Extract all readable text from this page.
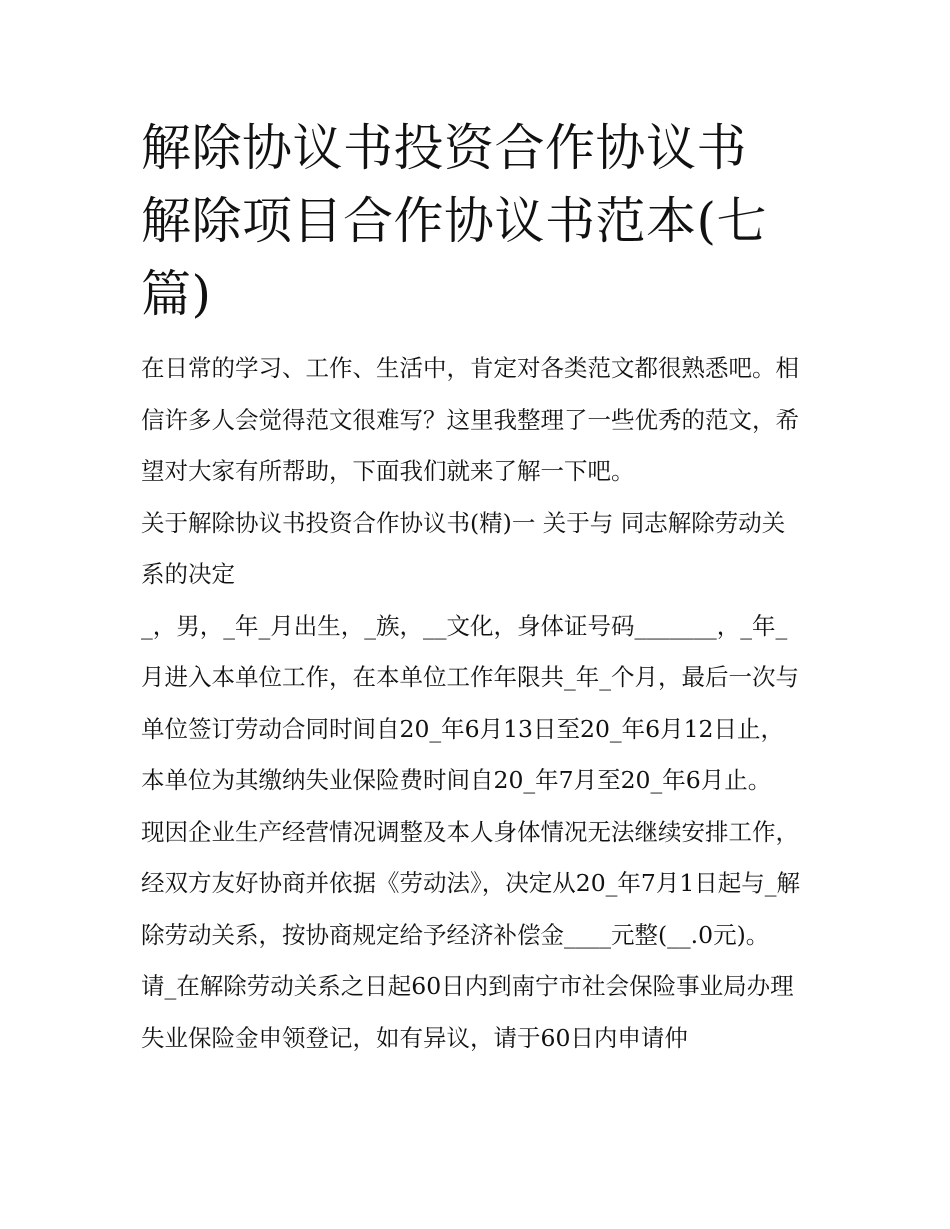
解除协议书投资合作协议书 解除项目合作协议书范本(七篇)

在日常的学习、工作、生活中，肯定对各类范文都很熟悉吧。相信许多人会觉得范文很难写？这里我整理了一些优秀的范文，希望对大家有所帮助，下面我们就来了解一下吧。

关于解除协议书投资合作协议书(精)一 关于与 同志解除劳动关系的决定

_，男，_年_月出生，_族，__文化，身体证号码_______，_年_月进入本单位工作，在本单位工作年限共_年_个月，最后一次与单位签订劳动合同时间自20_年6月13日至20_年6月12日止，本单位为其缴纳失业保险费时间自20_年7月至20_年6月止。

现因企业生产经营情况调整及本人身体情况无法继续安排工作，经双方友好协商并依据《劳动法》，决定从20_年7月1日起与_解除劳动关系，按协商规定给予经济补偿金____元整(__.0元)。

请_在解除劳动关系之日起60日内到南宁市社会保险事业局办理失业保险金申领登记，如有异议，请于60日内申请仲
